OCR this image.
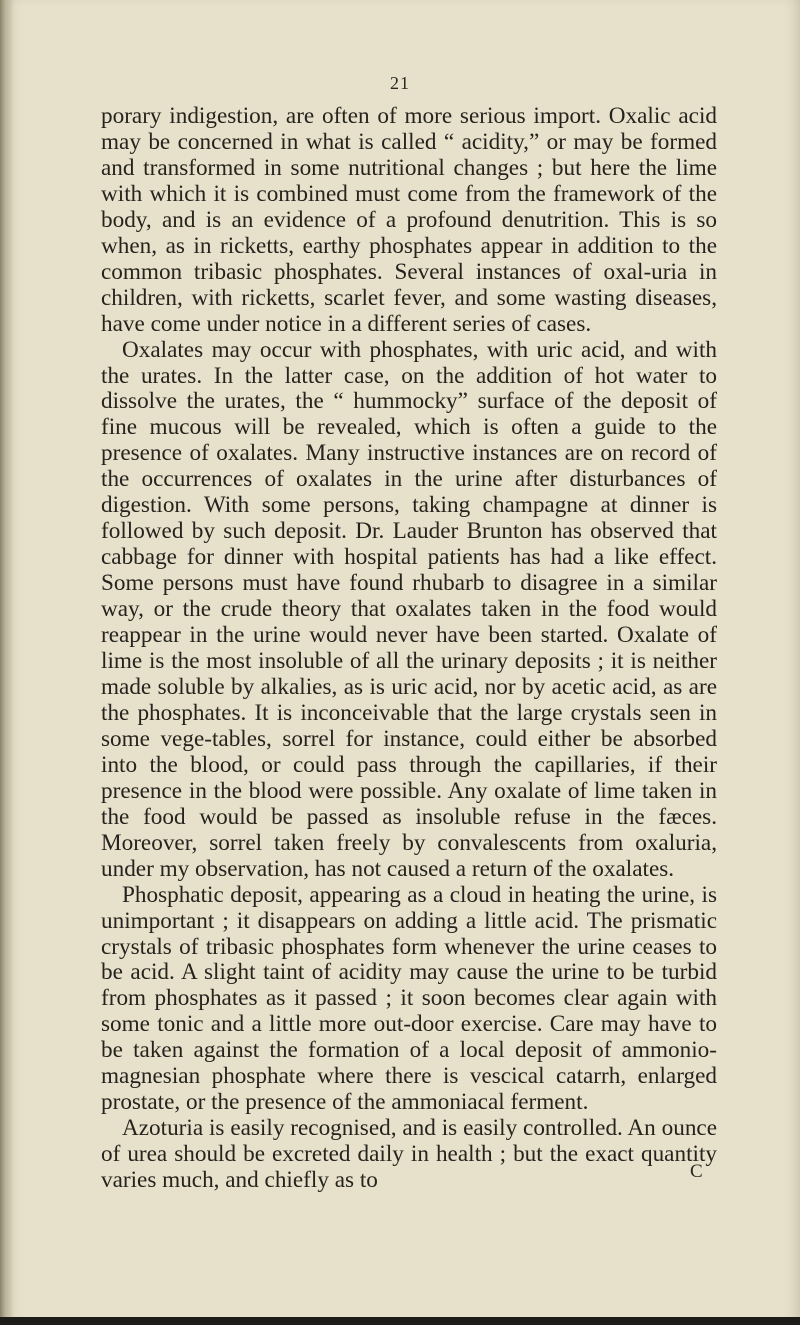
21

porary indigestion, are often of more serious import. Oxalic acid may be concerned in what is called “ acidity,” or may be formed and transformed in some nutritional changes ; but here the lime with which it is combined must come from the framework of the body, and is an evidence of a profound denutrition. This is so when, as in ricketts, earthy phosphates appear in addition to the common tribasic phosphates. Several instances of oxal-uria in children, with ricketts, scarlet fever, and some wasting diseases, have come under notice in a different series of cases.

Oxalates may occur with phosphates, with uric acid, and with the urates. In the latter case, on the addition of hot water to dissolve the urates, the “ hummocky” surface of the deposit of fine mucous will be revealed, which is often a guide to the presence of oxalates. Many instructive instances are on record of the occurrences of oxalates in the urine after disturbances of digestion. With some persons, taking champagne at dinner is followed by such deposit. Dr. Lauder Brunton has observed that cabbage for dinner with hospital patients has had a like effect. Some persons must have found rhubarb to disagree in a similar way, or the crude theory that oxalates taken in the food would reappear in the urine would never have been started. Oxalate of lime is the most insoluble of all the urinary deposits ; it is neither made soluble by alkalies, as is uric acid, nor by acetic acid, as are the phosphates. It is inconceivable that the large crystals seen in some vege-tables, sorrel for instance, could either be absorbed into the blood, or could pass through the capillaries, if their presence in the blood were possible. Any oxalate of lime taken in the food would be passed as insoluble refuse in the fæces. Moreover, sorrel taken freely by convalescents from oxaluria, under my observation, has not caused a return of the oxalates.

Phosphatic deposit, appearing as a cloud in heating the urine, is unimportant ; it disappears on adding a little acid. The prismatic crystals of tribasic phosphates form whenever the urine ceases to be acid. A slight taint of acidity may cause the urine to be turbid from phosphates as it passed ; it soon becomes clear again with some tonic and a little more out-door exercise. Care may have to be taken against the formation of a local deposit of ammonio-magnesian phosphate where there is vescical catarrh, enlarged prostate, or the presence of the ammoniacal ferment.

Azoturia is easily recognised, and is easily controlled. An ounce of urea should be excreted daily in health ; but the exact quantity varies much, and chiefly as to	C
